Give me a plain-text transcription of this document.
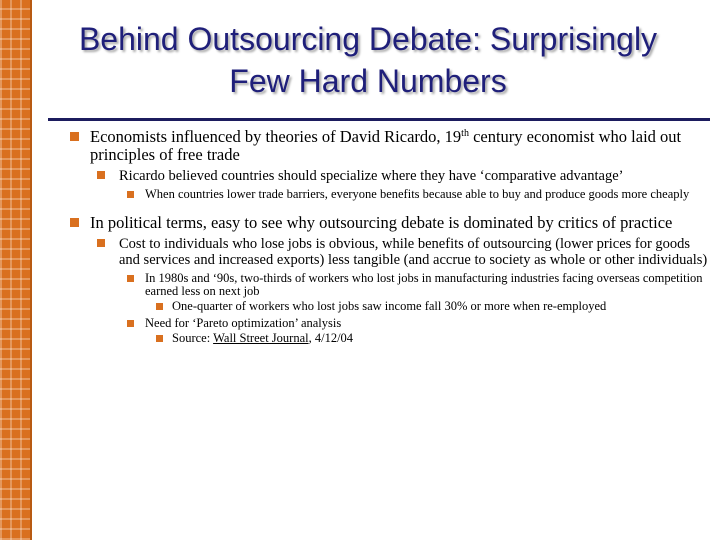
Behind Outsourcing Debate: Surprisingly
Few Hard Numbers
Economists influenced by theories of David Ricardo, 19th century economist who laid out principles of free trade
Ricardo believed countries should specialize where they have ‘comparative advantage’
When countries lower trade barriers, everyone benefits because able to buy and produce goods more cheaply
In political terms, easy to see why outsourcing debate is dominated by critics of practice
Cost to individuals who lose jobs is obvious, while benefits of outsourcing (lower prices for goods and services and increased exports) less tangible (and accrue to society as whole or other individuals)
In 1980s and ‘90s, two-thirds of workers who lost jobs in manufacturing industries facing overseas competition earned less on next job
One-quarter of workers who lost jobs saw income fall 30% or more when re-employed
Need for ‘Pareto optimization’ analysis
Source: Wall Street Journal, 4/12/04
